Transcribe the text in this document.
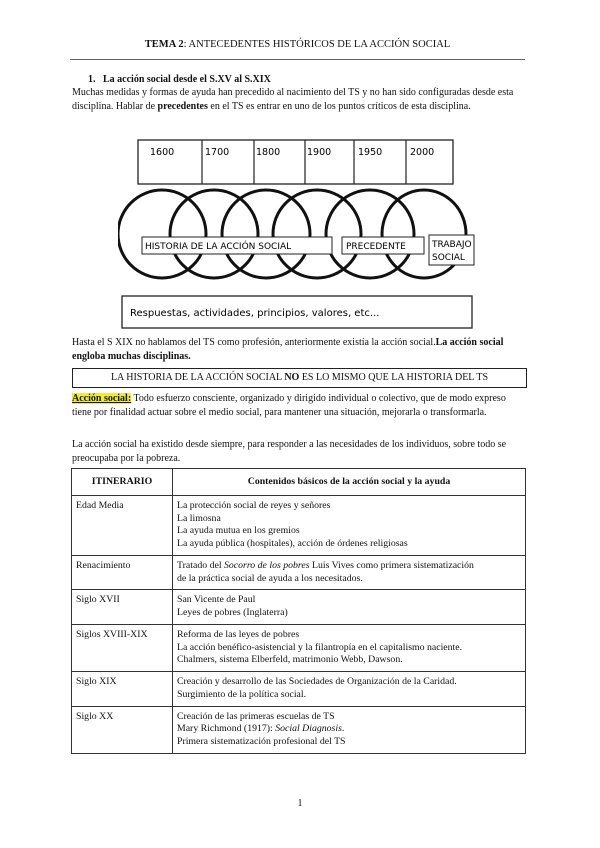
TEMA 2: ANTECEDENTES HISTÓRICOS DE LA ACCIÓN SOCIAL
1. La acción social desde el S.XV al S.XIX
Muchas medidas y formas de ayuda han precedido al nacimiento del TS y no han sido configuradas desde esta disciplina. Hablar de precedentes en el TS es entrar en uno de los puntos críticos de esta disciplina.
1600	1700	1800	1900	1950	2000
HISTORIA DE LA ACCIÓN SOCIAL	PRECEDENTE	TRABAJO
SOCIAL
Respuestas, actividades, principios, valores, etc...
Hasta el S XIX no hablamos del TS como profesión, anteriormente existía la acción social.La acción social engloba muchas disciplinas.
LA HISTORIA DE LA ACCIÓN SOCIAL NO ES LO MISMO QUE LA HISTORIA DEL TS
Acción social: Todo esfuerzo consciente, organizado y dirigido individual o colectivo, que de modo expreso tiene por finalidad actuar sobre el medio social, para mantener una situación, mejorarla o transformarla.
La acción social ha existido desde siempre, para responder a las necesidades de los individuos, sobre todo se preocupaba por la pobreza.
ITINERARIO	Contenidos básicos de la acción social y la ayuda
Edad Media	La protección social de reyes y señores
La limosna
La ayuda mutua en los gremios
La ayuda pública (hospitales), acción de órdenes religiosas

Renacimiento	Tratado del Socorro de los pobres Luis Vives como primera sistematización
de la práctica social de ayuda a los necesitados.

Siglo XVII	San Vicente de Paul
Leyes de pobres (Inglaterra)

Siglos XVIII-XIX	Reforma de las leyes de pobres
La acción benéfico-asistencial y la filantropía en el capitalismo naciente.
Chalmers, sistema Elberfeld, matrimonio Webb, Dawson.

Siglo XIX	Creación y desarrollo de las Sociedades de Organización de la Caridad.
Surgimiento de la política social.

Siglo XX	Creación de las primeras escuelas de TS
Mary Richmond (1917): Social Diagnosis.
Primera sistematización profesional del TS
1
